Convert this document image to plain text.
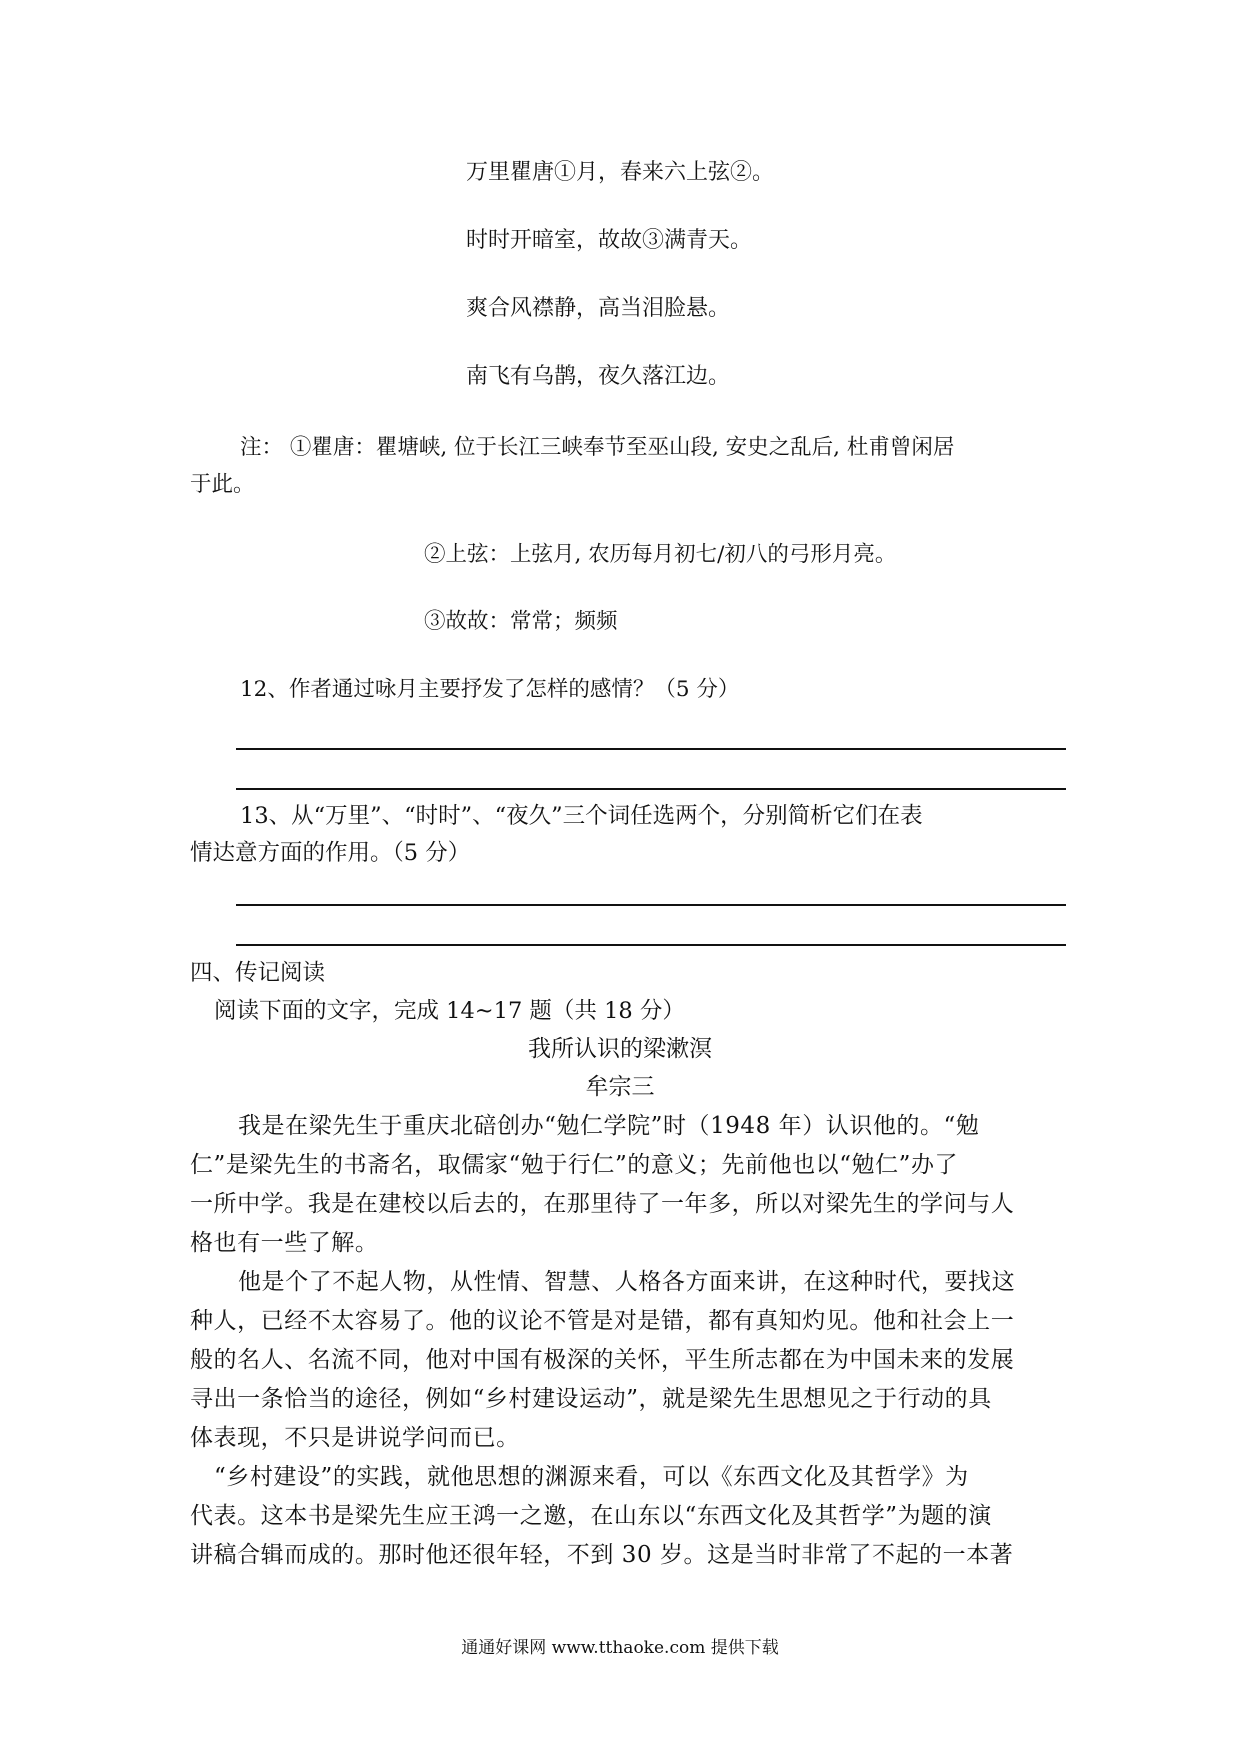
万里瞿唐①月，春来六上弦②。
时时开暗室，故故③满青天。
爽合风襟静，高当泪脸悬。
南飞有乌鹊，夜久落江边。
注： ①瞿唐：瞿塘峡, 位于长江三峡奉节至巫山段, 安史之乱后, 杜甫曾闲居
于此。
②上弦：上弦月, 农历每月初七/初八的弓形月亮。
③故故：常常；频频
12、作者通过咏月主要抒发了怎样的感情？（5 分）
13、从“万里”、“时时”、“夜久”三个词任选两个，分别简析它们在表
情达意方面的作用。（5 分）
四、传记阅读
阅读下面的文字，完成 14~17 题（共 18 分）
我所认识的梁漱溟
牟宗三
我是在梁先生于重庆北碚创办“勉仁学院”时（1948 年）认识他的。“勉
仁”是梁先生的书斋名，取儒家“勉于行仁”的意义；先前他也以“勉仁”办了
一所中学。我是在建校以后去的，在那里待了一年多，所以对梁先生的学问与人
格也有一些了解。
他是个了不起人物，从性情、智慧、人格各方面来讲，在这种时代，要找这
种人，已经不太容易了。他的议论不管是对是错，都有真知灼见。他和社会上一
般的名人、名流不同，他对中国有极深的关怀，平生所志都在为中国未来的发展
寻出一条恰当的途径，例如“乡村建设运动”，就是梁先生思想见之于行动的具
体表现，不只是讲说学问而已。
“乡村建设”的实践，就他思想的渊源来看，可以《东西文化及其哲学》为
代表。这本书是梁先生应王鸿一之邀，在山东以“东西文化及其哲学”为题的演
讲稿合辑而成的。那时他还很年轻，不到 30 岁。这是当时非常了不起的一本著
通通好课网 www.tthaoke.com 提供下载
